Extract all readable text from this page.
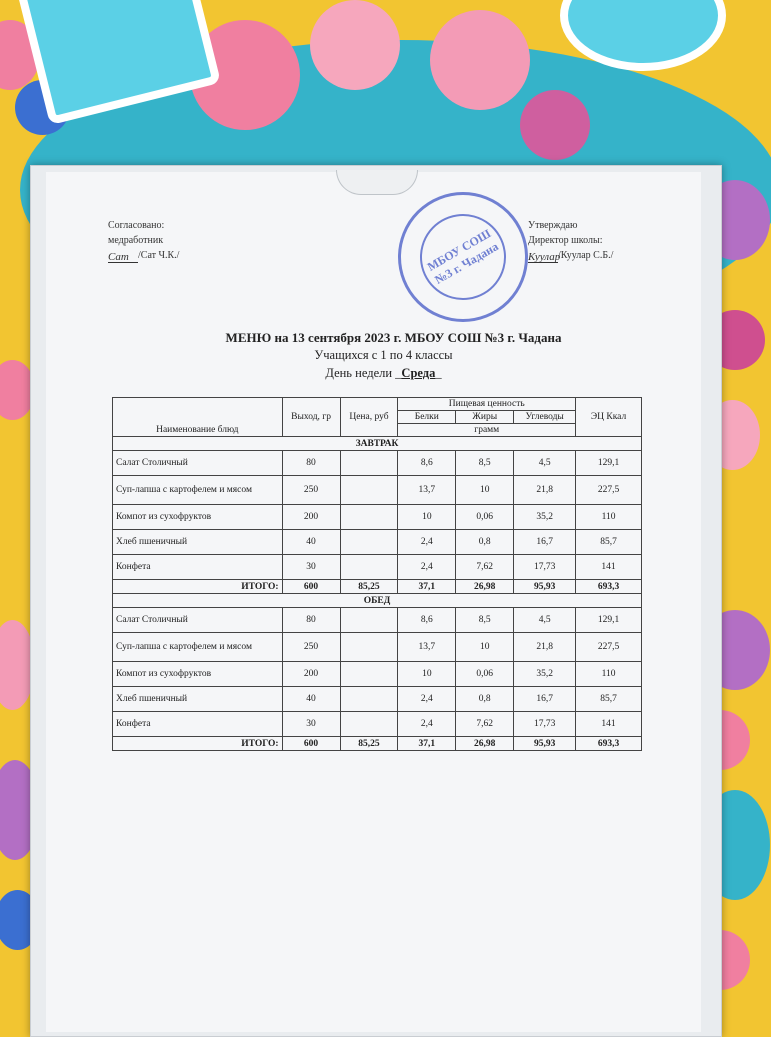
Согласовано:
медработник
Сат /Сат Ч.К./	МБОУ СОШ №3 г. Чадана
Утверждаю
Директор школы:
Куулар/Куулар С.Б./
МЕНЮ на 13 сентября 2023 г. МБОУ СОШ №3 г. Чадана
Учащихся с 1 по 4 классы
День недели _Среда_
Наименование блюд	Выход, гр	Цена, руб	Пищевая ценность			ЭЦ Ккал
			Белки	Жиры	Углеводы	
			грамм			
ЗАВТРАК						
Салат Столичный	80		8,6	8,5	4,5	129,1
Суп-лапша с картофелем и мясом	250		13,7	10	21,8	227,5
Компот из сухофруктов	200		10	0,06	35,2	110
Хлеб пшеничный	40		2,4	0,8	16,7	85,7
Конфета	30		2,4	7,62	17,73	141
ИТОГО:	600	85,25	37,1	26,98	95,93	693,3
ОБЕД						
Салат Столичный	80		8,6	8,5	4,5	129,1
Суп-лапша с картофелем и мясом	250		13,7	10	21,8	227,5
Компот из сухофруктов	200		10	0,06	35,2	110
Хлеб пшеничный	40		2,4	0,8	16,7	85,7
Конфета	30		2,4	7,62	17,73	141
ИТОГО:	600	85,25	37,1	26,98	95,93	693,3
